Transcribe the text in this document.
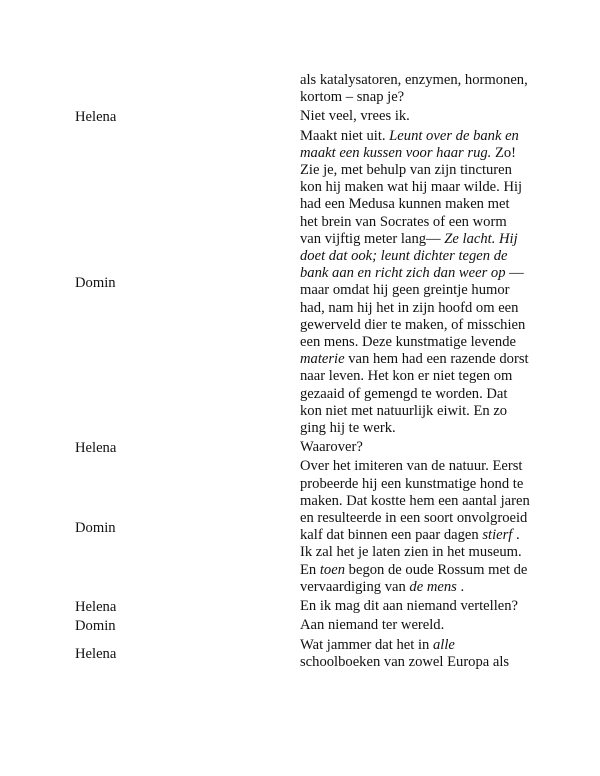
	als katalysatoren, enzymen, hormonen, kortom – snap je?
Helena	Niet veel, vrees ik.
Domin	Maakt niet uit. Leunt over de bank en maakt een kussen voor haar rug. Zo! Zie je, met behulp van zijn tincturen kon hij maken wat hij maar wilde. Hij had een Medusa kunnen maken met het brein van Socrates of een worm van vijftig meter lang— Ze lacht. Hij doet dat ook; leunt dichter tegen de bank aan en richt zich dan weer op —maar omdat hij geen greintje humor had, nam hij het in zijn hoofd om een gewerveld dier te maken, of misschien een mens. Deze kunstmatige levende materie van hem had een razende dorst naar leven. Het kon er niet tegen om gezaaid of gemengd te worden. Dat kon niet met natuurlijk eiwit. En zo ging hij te werk.
Helena	Waarover?
Domin	Over het imiteren van de natuur. Eerst probeerde hij een kunstmatige hond te maken. Dat kostte hem een aantal jaren en resulteerde in een soort onvolgroeid kalf dat binnen een paar dagen stierf . Ik zal het je laten zien in het museum. En toen begon de oude Rossum met de vervaardiging van de mens .
Helena	En ik mag dit aan niemand vertellen?
Domin	Aan niemand ter wereld.
Helena	Wat jammer dat het in alle schoolboeken van zowel Europa als
